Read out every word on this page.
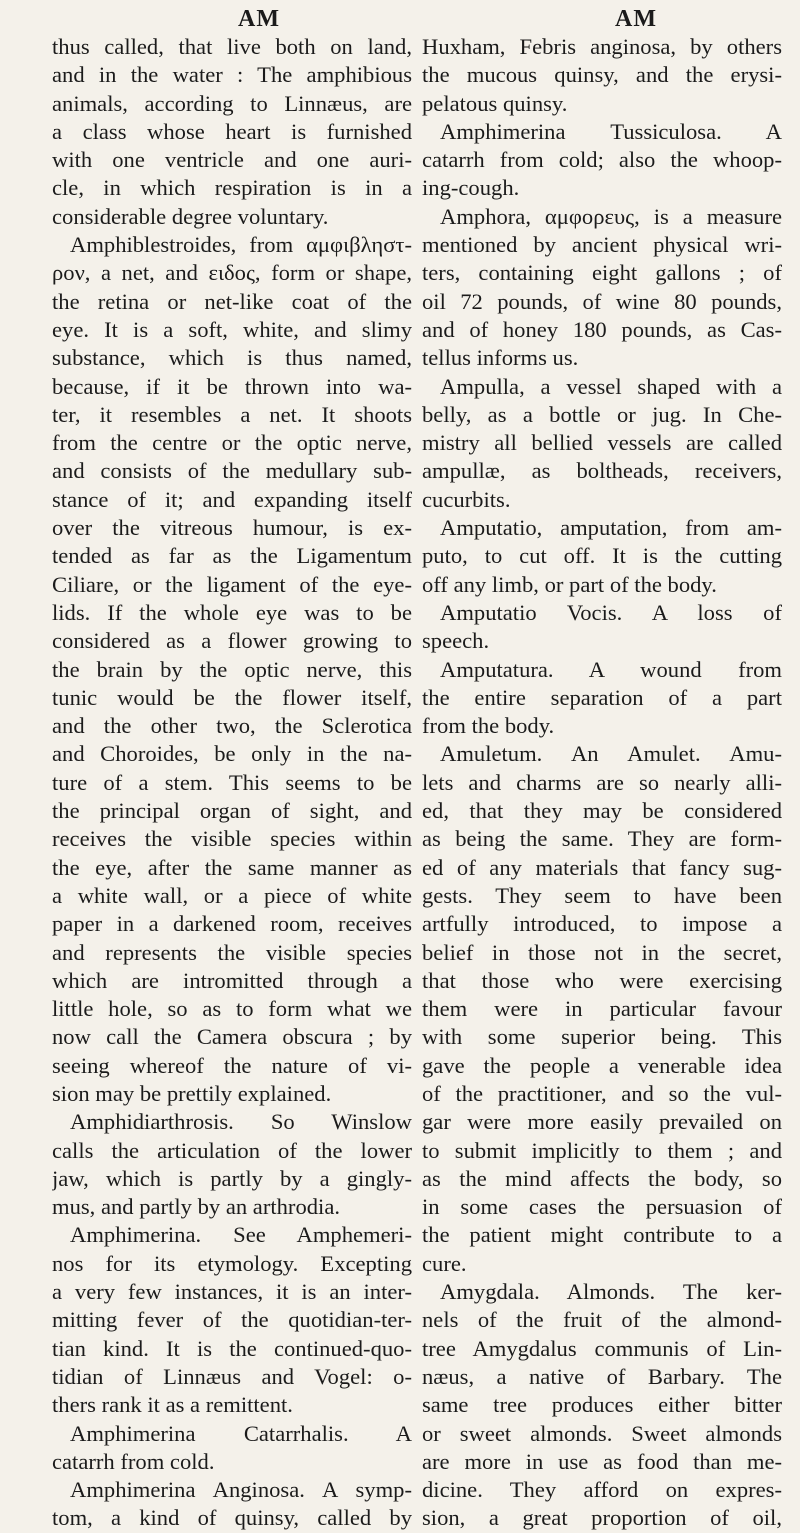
AM	AM
thus called, that live both on land,
and in the water : The amphibious
animals, according to Linnæus, are
a class whose heart is furnished
with one ventricle and one auri-
cle, in which respiration is in a
considerable degree voluntary.
Amphiblestroides, from αμφιβληστ-
ρον, a net, and ειδος, form or shape,
the retina or net-like coat of the
eye. It is a soft, white, and slimy
substance, which is thus named,
because, if it be thrown into wa-
ter, it resembles a net. It shoots
from the centre or the optic nerve,
and consists of the medullary sub-
stance of it; and expanding itself
over the vitreous humour, is ex-
tended as far as the Ligamentum
Ciliare, or the ligament of the eye-
lids. If the whole eye was to be
considered as a flower growing to
the brain by the optic nerve, this
tunic would be the flower itself,
and the other two, the Sclerotica
and Choroides, be only in the na-
ture of a stem. This seems to be
the principal organ of sight, and
receives the visible species within
the eye, after the same manner as
a white wall, or a piece of white
paper in a darkened room, receives
and represents the visible species
which are intromitted through a
little hole, so as to form what we
now call the Camera obscura ; by
seeing whereof the nature of vi-
sion may be prettily explained.
Amphidiarthrosis. So Winslow
calls the articulation of the lower
jaw, which is partly by a gingly-
mus, and partly by an arthrodia.
Amphimerina. See Amphemeri-
nos for its etymology. Excepting
a very few instances, it is an inter-
mitting fever of the quotidian-ter-
tian kind. It is the continued-quo-
tidian of Linnæus and Vogel: o-
thers rank it as a remittent.
Amphimerina Catarrhalis. A
catarrh from cold.
Amphimerina Anginosa. A symp-
tom, a kind of quinsy, called by
Huxham, Febris anginosa, by others
the mucous quinsy, and the erysi-
pelatous quinsy.
Amphimerina Tussiculosa. A
catarrh from cold; also the whoop-
ing-cough.
Amphora, αμφορευς, is a measure
mentioned by ancient physical wri-
ters, containing eight gallons ; of
oil 72 pounds, of wine 80 pounds,
and of honey 180 pounds, as Cas-
tellus informs us.
Ampulla, a vessel shaped with a
belly, as a bottle or jug. In Che-
mistry all bellied vessels are called
ampullæ, as boltheads, receivers,
cucurbits.
Amputatio, amputation, from am-
puto, to cut off. It is the cutting
off any limb, or part of the body.
Amputatio Vocis. A loss of
speech.
Amputatura. A wound from
the entire separation of a part
from the body.
Amuletum. An Amulet. Amu-
lets and charms are so nearly alli-
ed, that they may be considered
as being the same. They are form-
ed of any materials that fancy sug-
gests. They seem to have been
artfully introduced, to impose a
belief in those not in the secret,
that those who were exercising
them were in particular favour
with some superior being. This
gave the people a venerable idea
of the practitioner, and so the vul-
gar were more easily prevailed on
to submit implicitly to them ; and
as the mind affects the body, so
in some cases the persuasion of
the patient might contribute to a
cure.
Amygdala. Almonds. The ker-
nels of the fruit of the almond-
tree Amygdalus communis of Lin-
næus, a native of Barbary. The
same tree produces either bitter
or sweet almonds. Sweet almonds
are more in use as food than me-
dicine. They afford on expres-
sion, a great proportion of oil,
